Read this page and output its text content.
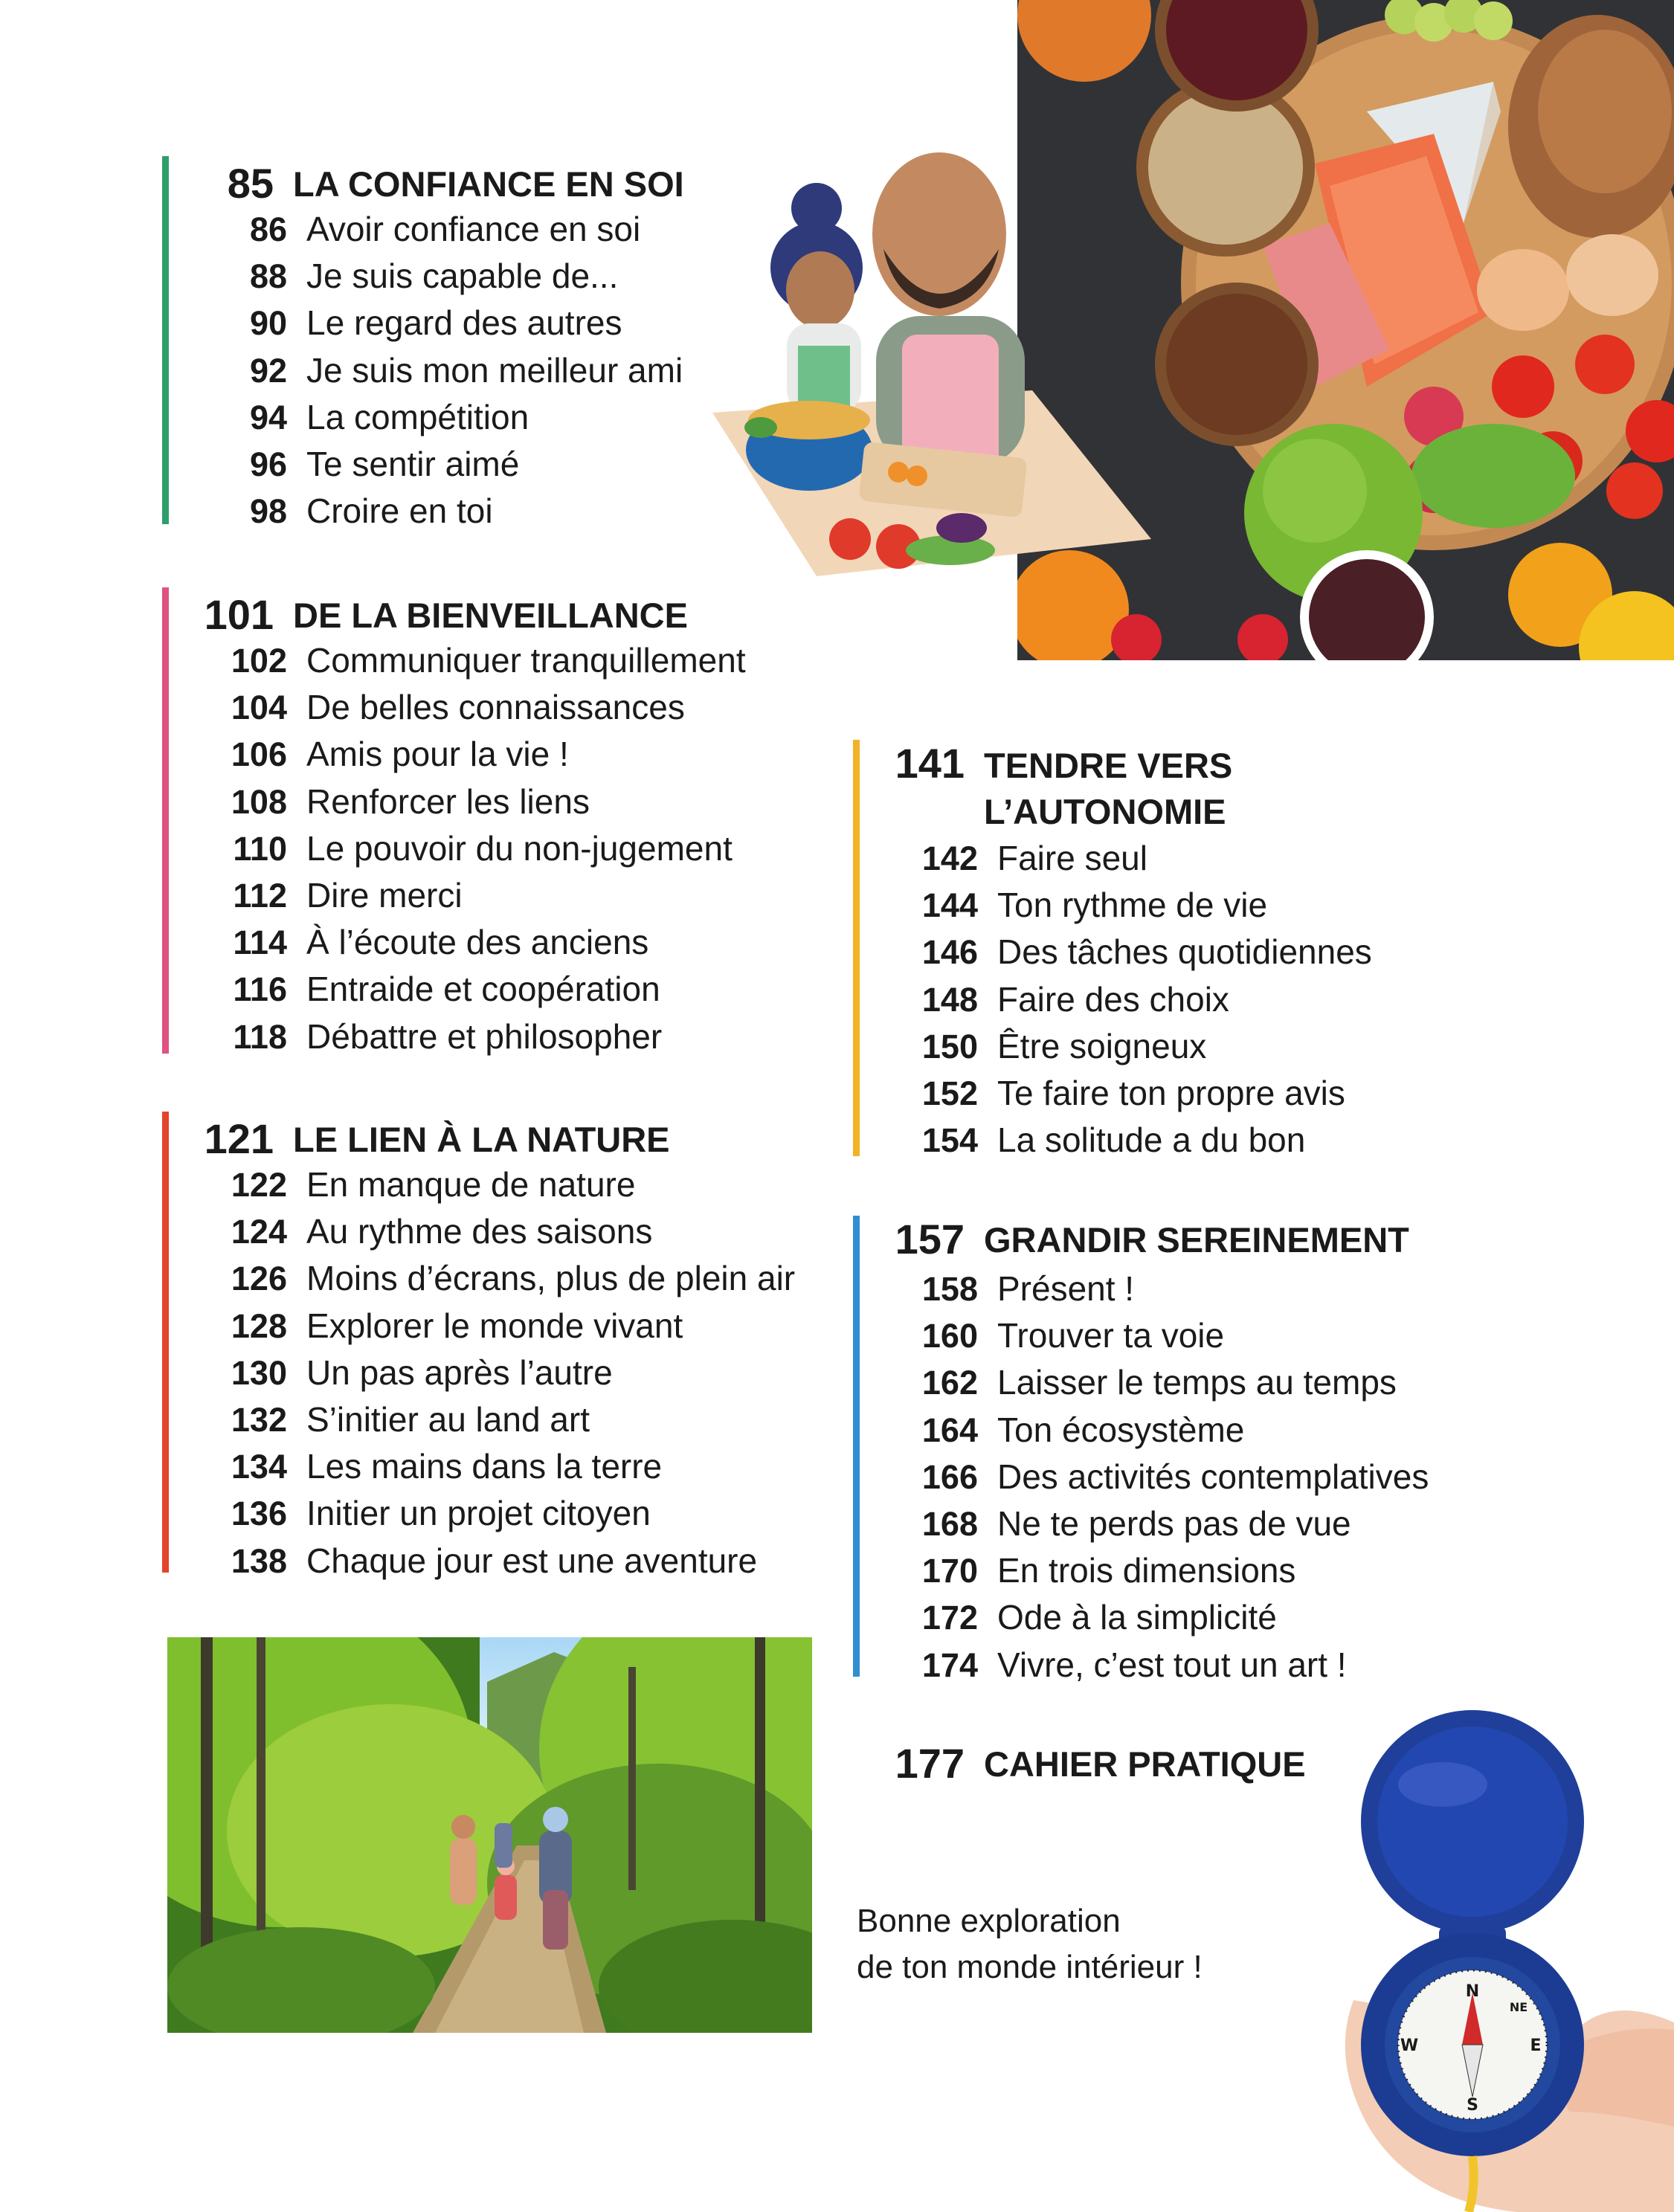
85 LA CONFIANCE EN SOI
86 Avoir confiance en soi
88 Je suis capable de...
90 Le regard des autres
92 Je suis mon meilleur ami
94 La compétition
96 Te sentir aimé
98 Croire en toi
101 DE LA BIENVEILLANCE
102 Communiquer tranquillement
104 De belles connaissances
106 Amis pour la vie !
108 Renforcer les liens
110 Le pouvoir du non-jugement
112 Dire merci
114 À l’écoute des anciens
116 Entraide et coopération
118 Débattre et philosopher
121 LE LIEN À LA NATURE
122 En manque de nature
124 Au rythme des saisons
126 Moins d’écrans, plus de plein air
128 Explorer le monde vivant
130 Un pas après l’autre
132 S’initier au land art
134 Les mains dans la terre
136 Initier un projet citoyen
138 Chaque jour est une aventure
141 TENDRE VERS
L’AUTONOMIE
142 Faire seul
144 Ton rythme de vie
146 Des tâches quotidiennes
148 Faire des choix
150 Être soigneux
152 Te faire ton propre avis
154 La solitude a du bon
157 GRANDIR SEREINEMENT
158 Présent !
160 Trouver ta voie
162 Laisser le temps au temps
164 Ton écosystème
166 Des activités contemplatives
168 Ne te perds pas de vue
170 En trois dimensions
172 Ode à la simplicité
174 Vivre, c’est tout un art !
177 CAHIER PRATIQUE
Bonne exploration
de ton monde intérieur !
N
E
S
W
NE
